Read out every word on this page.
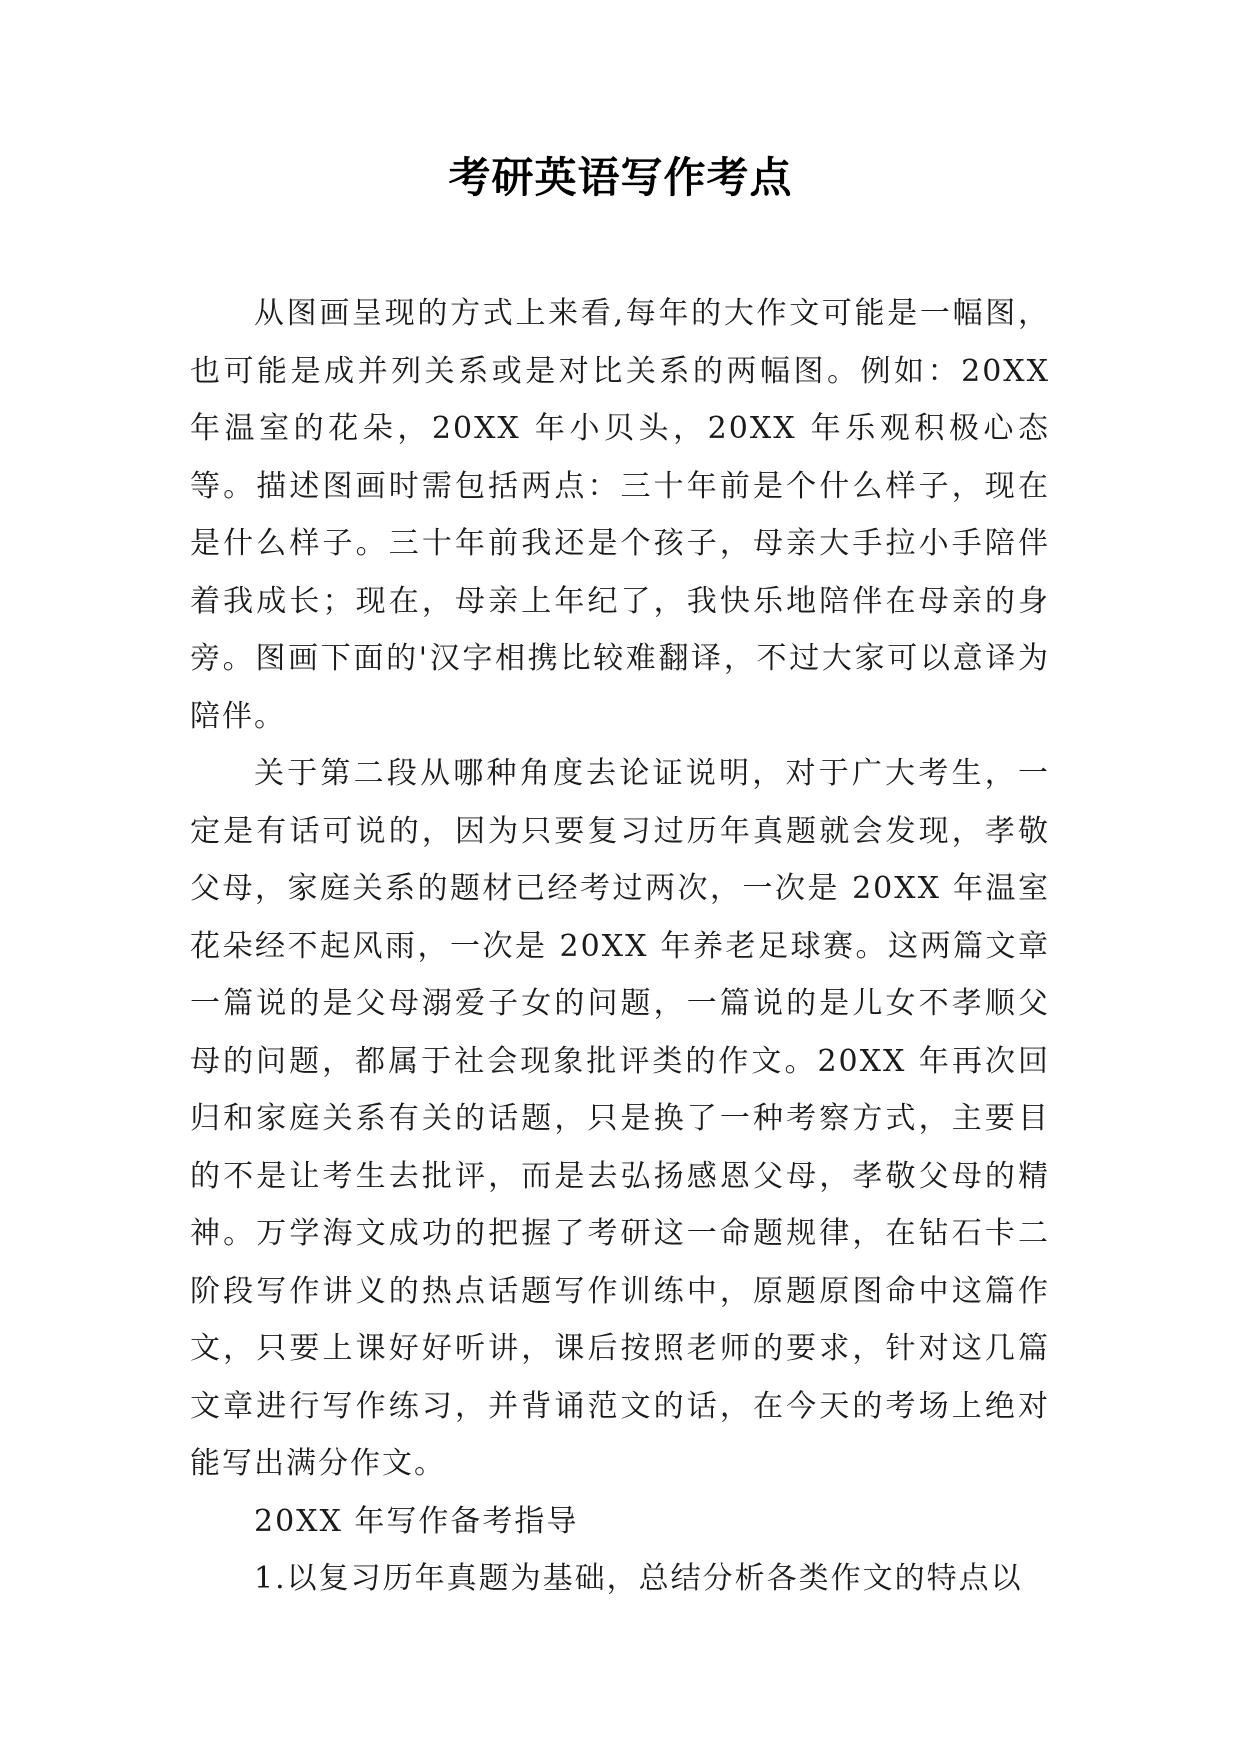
考研英语写作考点

从图画呈现的方式上来看,每年的大作文可能是一幅图，也可能是成并列关系或是对比关系的两幅图。例如：20XX 年温室的花朵，20XX 年小贝头，20XX 年乐观积极心态等。描述图画时需包括两点：三十年前是个什么样子，现在是什么样子。三十年前我还是个孩子，母亲大手拉小手陪伴着我成长；现在，母亲上年纪了，我快乐地陪伴在母亲的身旁。图画下面的'汉字相携比较难翻译，不过大家可以意译为陪伴。

关于第二段从哪种角度去论证说明，对于广大考生，一定是有话可说的，因为只要复习过历年真题就会发现，孝敬父母，家庭关系的题材已经考过两次，一次是 20XX 年温室花朵经不起风雨，一次是 20XX 年养老足球赛。这两篇文章一篇说的是父母溺爱子女的问题，一篇说的是儿女不孝顺父母的问题，都属于社会现象批评类的作文。20XX 年再次回归和家庭关系有关的话题，只是换了一种考察方式，主要目的不是让考生去批评，而是去弘扬感恩父母，孝敬父母的精神。万学海文成功的把握了考研这一命题规律，在钻石卡二阶段写作讲义的热点话题写作训练中，原题原图命中这篇作文，只要上课好好听讲，课后按照老师的要求，针对这几篇文章进行写作练习，并背诵范文的话，在今天的考场上绝对能写出满分作文。

20XX 年写作备考指导

1.以复习历年真题为基础，总结分析各类作文的特点以
